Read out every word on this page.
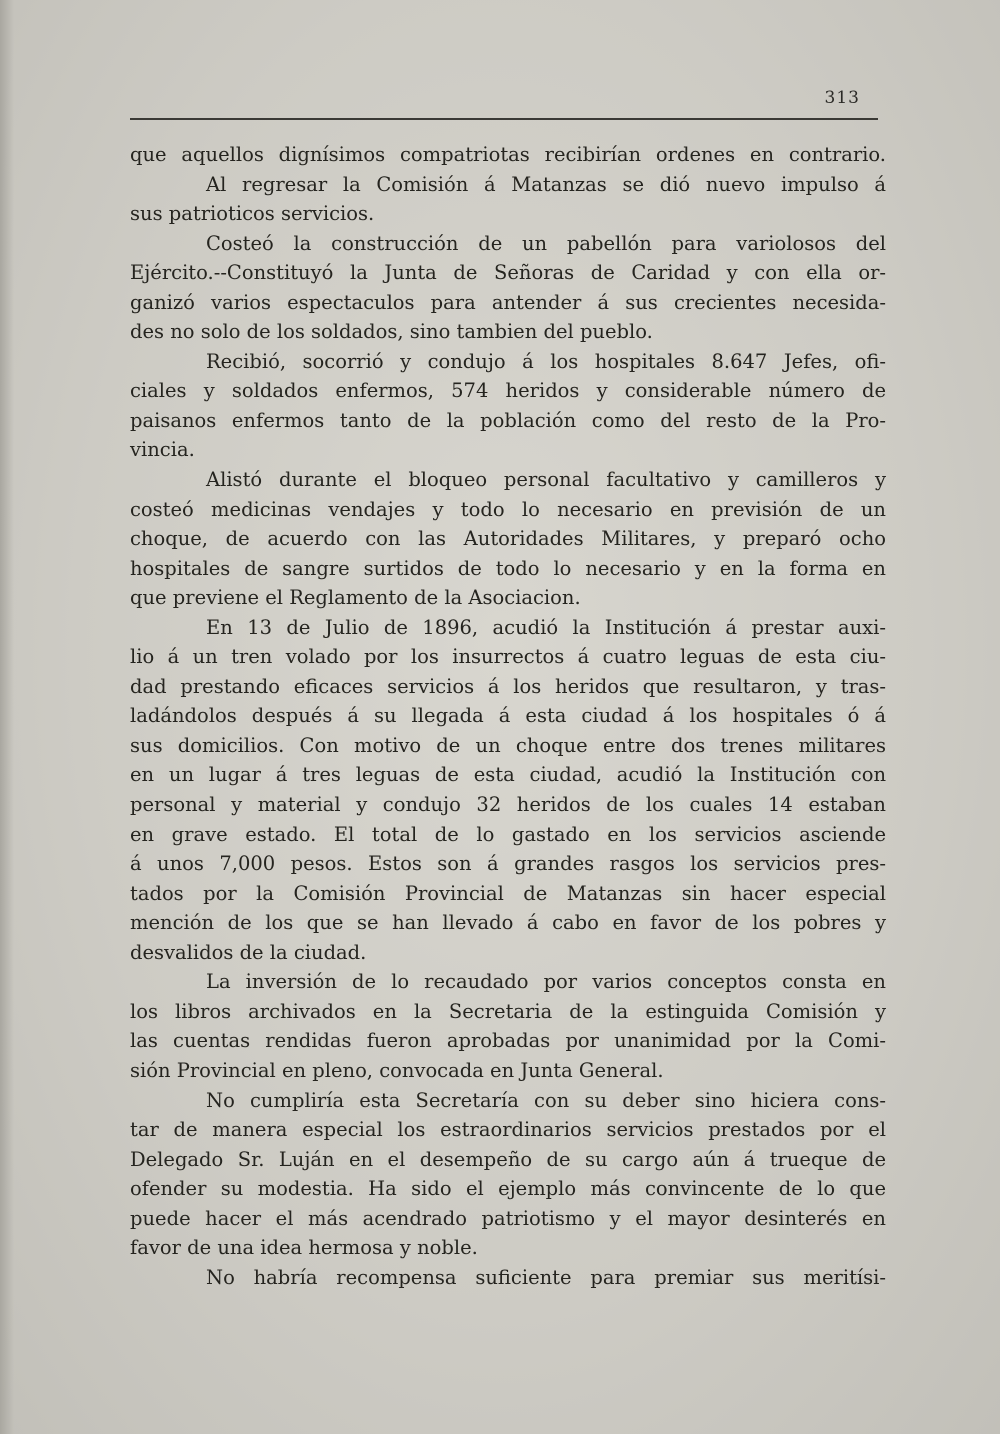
313
que aquellos dignísimos compatriotas recibirían ordenes en contrario.
Al regresar la Comisión á Matanzas se dió nuevo impulso á
sus patrioticos servicios.
Costeó la construcción de un pabellón para variolosos del
Ejército.--Constituyó la Junta de Señoras de Caridad y con ella or-
ganizó varios espectaculos para antender á sus crecientes necesida-
des no solo de los soldados, sino tambien del pueblo.
Recibió, socorrió y condujo á los hospitales 8.647 Jefes, ofi-
ciales y soldados enfermos, 574 heridos y considerable número de
paisanos enfermos tanto de la población como del resto de la Pro-
vincia.
Alistó durante el bloqueo personal facultativo y camilleros y
costeó medicinas vendajes y todo lo necesario en previsión de un
choque, de acuerdo con las Autoridades Militares, y preparó ocho
hospitales de sangre surtidos de todo lo necesario y en la forma en
que previene el Reglamento de la Asociacion.
En 13 de Julio de 1896, acudió la Institución á prestar auxi-
lio á un tren volado por los insurrectos á cuatro leguas de esta ciu-
dad prestando eficaces servicios á los heridos que resultaron, y tras-
ladándolos después á su llegada á esta ciudad á los hospitales ó á
sus domicilios. Con motivo de un choque entre dos trenes militares
en un lugar á tres leguas de esta ciudad, acudió la Institución con
personal y material y condujo 32 heridos de los cuales 14 estaban
en grave estado. El total de lo gastado en los servicios asciende
á unos 7,000 pesos. Estos son á grandes rasgos los servicios pres-
tados por la Comisión Provincial de Matanzas sin hacer especial
mención de los que se han llevado á cabo en favor de los pobres y
desvalidos de la ciudad.
La inversión de lo recaudado por varios conceptos consta en
los libros archivados en la Secretaria de la estinguida Comisión y
las cuentas rendidas fueron aprobadas por unanimidad por la Comi-
sión Provincial en pleno, convocada en Junta General.
No cumpliría esta Secretaría con su deber sino hiciera cons-
tar de manera especial los estraordinarios servicios prestados por el
Delegado Sr. Luján en el desempeño de su cargo aún á trueque de
ofender su modestia. Ha sido el ejemplo más convincente de lo que
puede hacer el más acendrado patriotismo y el mayor desinterés en
favor de una idea hermosa y noble.
No habría recompensa suficiente para premiar sus meritísi-
